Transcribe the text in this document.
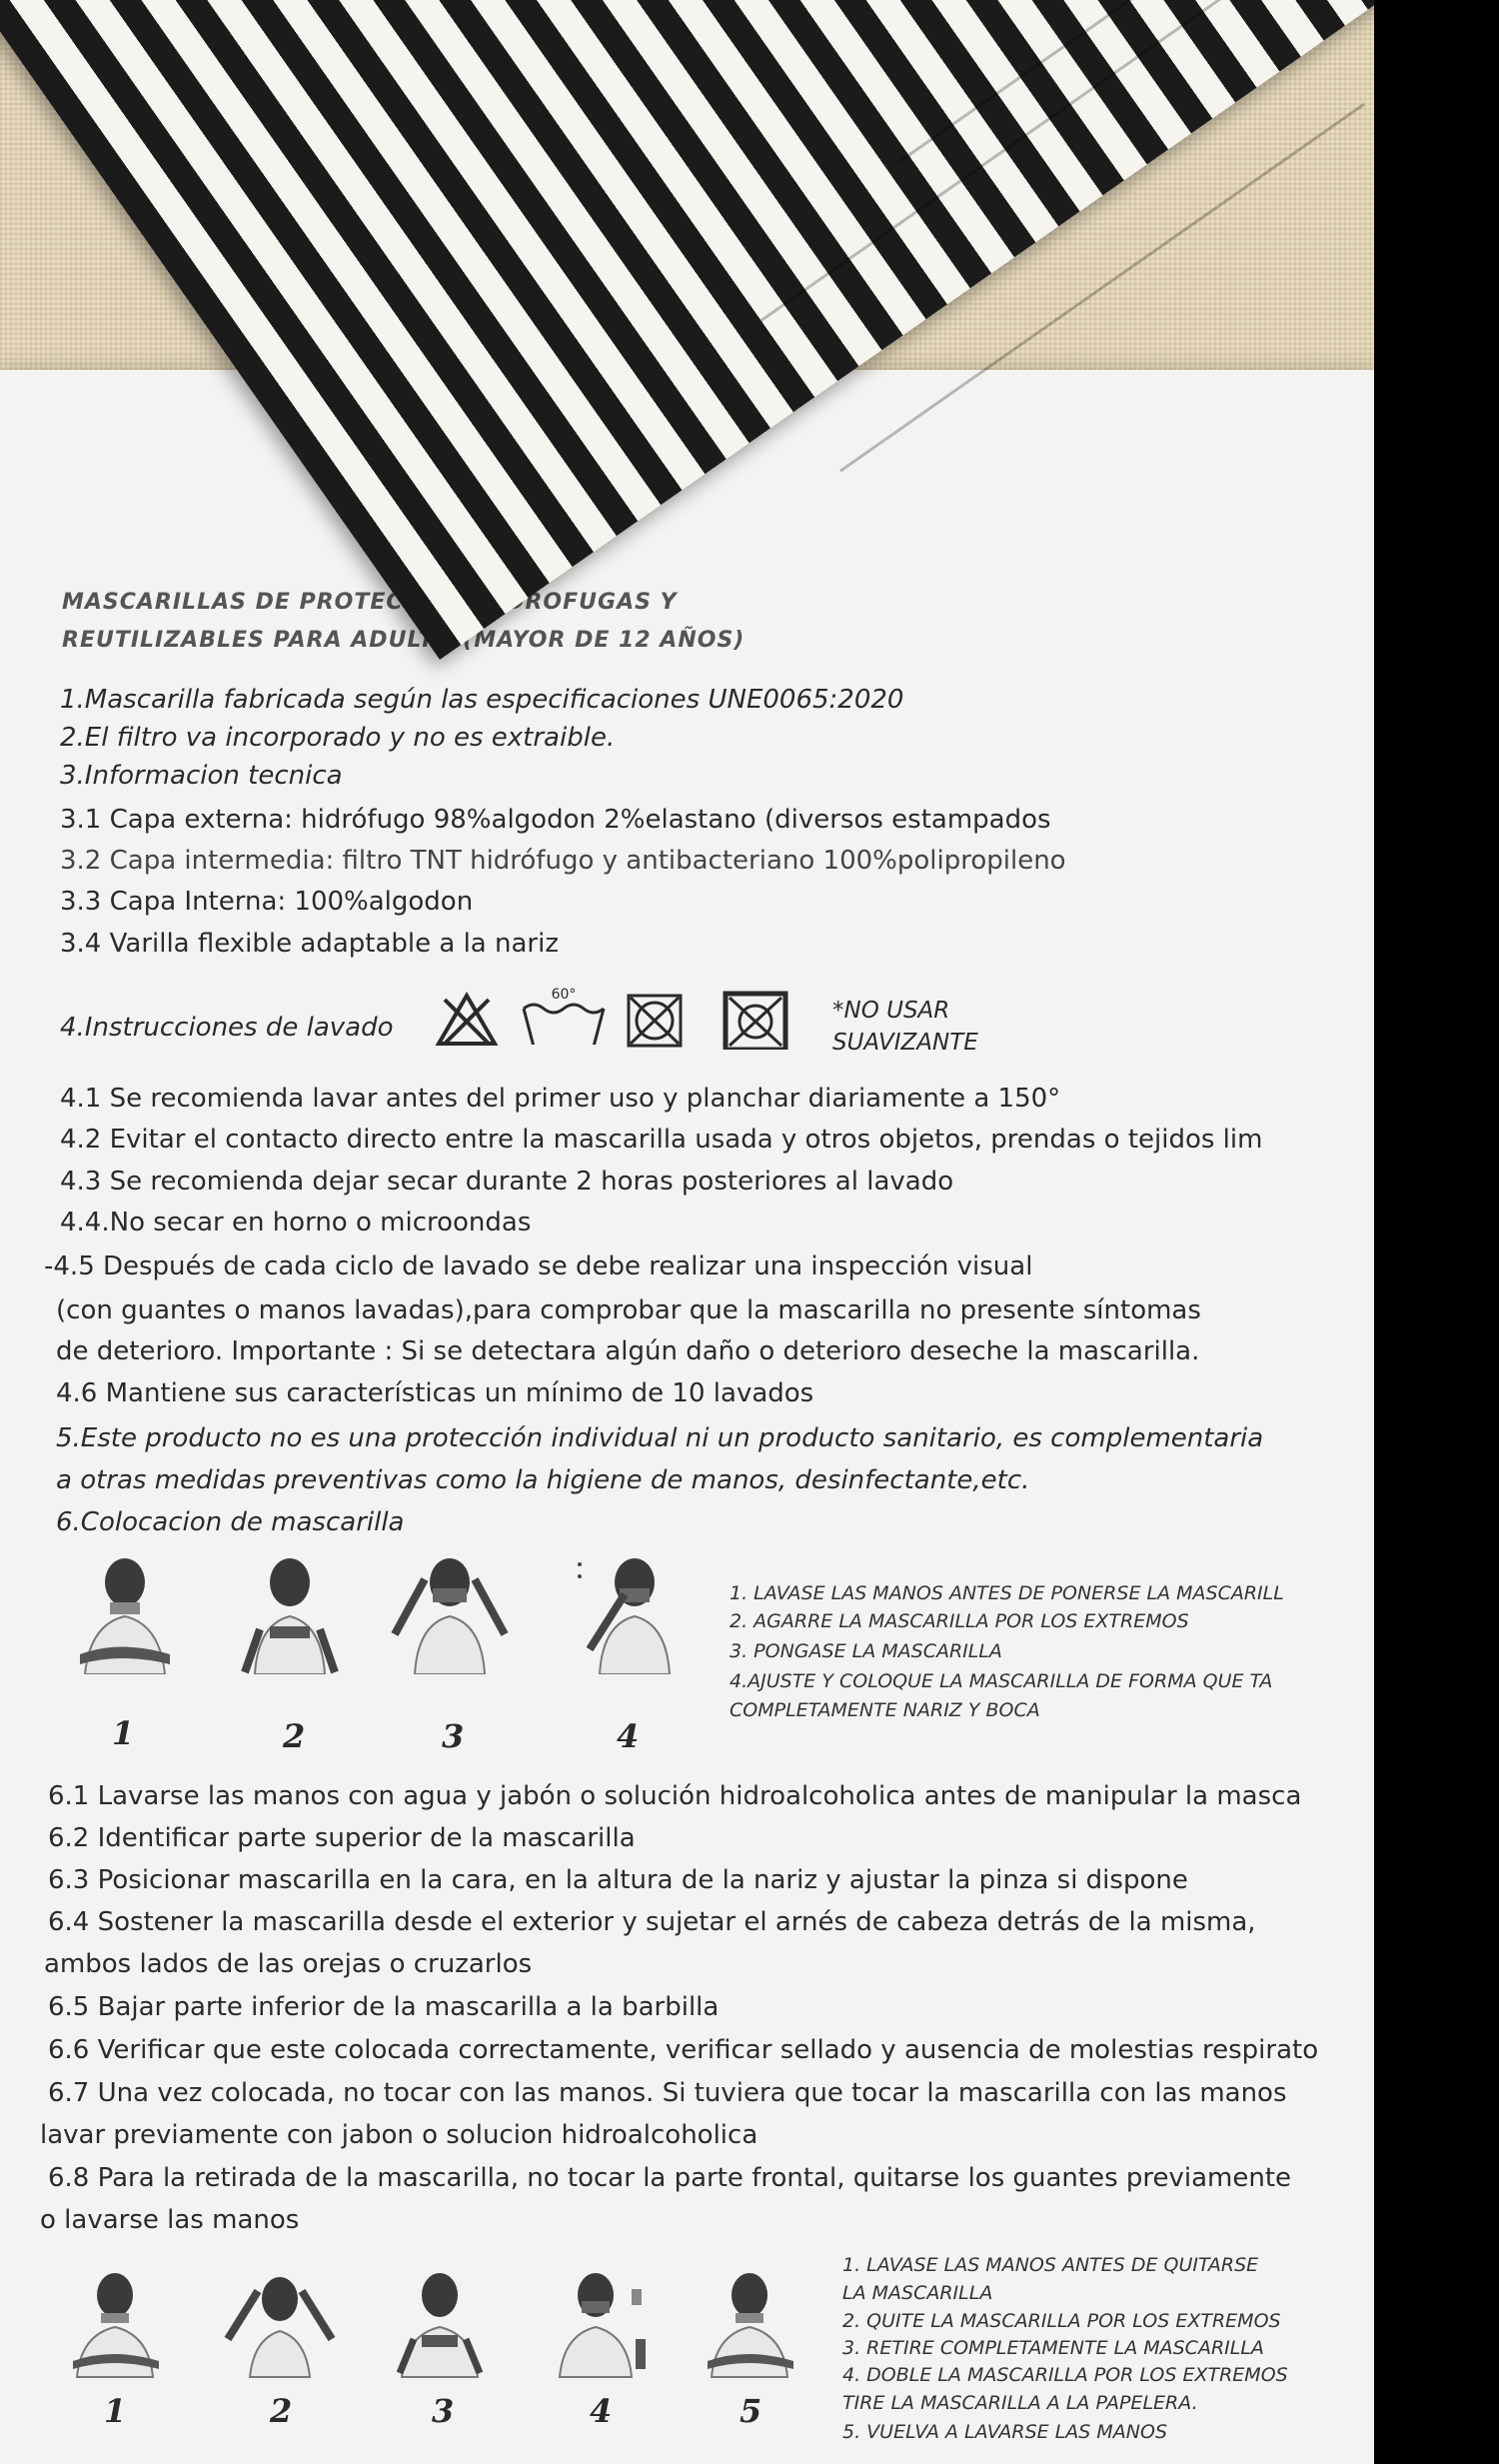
MASCARILLAS DE PROTECCION HIDROFUGAS Y
REUTILIZABLES PARA ADULTO (MAYOR DE 12 AÑOS)
1.Mascarilla fabricada según las especificaciones UNE0065:2020
2.El filtro va incorporado y no es extraible.
3.Informacion tecnica
3.1 Capa externa: hidrófugo 98%algodon 2%elastano (diversos estampados
3.2 Capa intermedia: filtro TNT hidrófugo y antibacteriano 100%polipropileno
3.3 Capa Interna: 100%algodon
3.4 Varilla flexible adaptable a la nariz
4.Instrucciones de lavado
60°
*NO USAR
SUAVIZANTE
4.1 Se recomienda lavar antes del primer uso y planchar diariamente a 150°
4.2 Evitar el contacto directo entre la mascarilla usada y otros objetos, prendas o tejidos lim
4.3 Se recomienda dejar secar durante 2 horas posteriores al lavado
4.4.No secar en horno o microondas
-4.5 Después de cada ciclo de lavado se debe realizar una inspección visual
(con guantes o manos lavadas),para comprobar que la mascarilla no presente síntomas
de deterioro. Importante : Si se detectara algún daño o deterioro deseche la mascarilla.
4.6 Mantiene sus características un mínimo de 10 lavados
5.Este producto no es una protección individual ni un producto sanitario, es complementaria
a otras medidas preventivas como la higiene de manos, desinfectante,etc.
6.Colocacion de mascarilla
1	2	3	4
1. LAVASE LAS MANOS ANTES DE PONERSE LA MASCARILL
2. AGARRE LA MASCARILLA POR LOS EXTREMOS
3. PONGASE LA MASCARILLA
4.AJUSTE Y COLOQUE LA MASCARILLA DE FORMA QUE TA
COMPLETAMENTE NARIZ Y BOCA
6.1 Lavarse las manos con agua y jabón o solución hidroalcoholica antes de manipular la masca
6.2 Identificar parte superior de la mascarilla
6.3 Posicionar mascarilla en la cara, en la altura de la nariz y ajustar la pinza si dispone
6.4 Sostener la mascarilla desde el exterior y sujetar el arnés de cabeza detrás de la misma,
ambos lados de las orejas o cruzarlos
6.5 Bajar parte inferior de la mascarilla a la barbilla
6.6 Verificar que este colocada correctamente, verificar sellado y ausencia de molestias respirato
6.7 Una vez colocada, no tocar con las manos. Si tuviera que tocar la mascarilla con las manos
lavar previamente con jabon o solucion hidroalcoholica
6.8 Para la retirada de la mascarilla, no tocar la parte frontal, quitarse los guantes previamente
o lavarse las manos
1	2	3	4	5
1. LAVASE LAS MANOS ANTES DE QUITARSE
LA MASCARILLA
2. QUITE LA MASCARILLA POR LOS EXTREMOS
3. RETIRE COMPLETAMENTE LA MASCARILLA
4. DOBLE LA MASCARILLA POR LOS EXTREMOS
TIRE LA MASCARILLA A LA PAPELERA.
5. VUELVA A LAVARSE LAS MANOS
